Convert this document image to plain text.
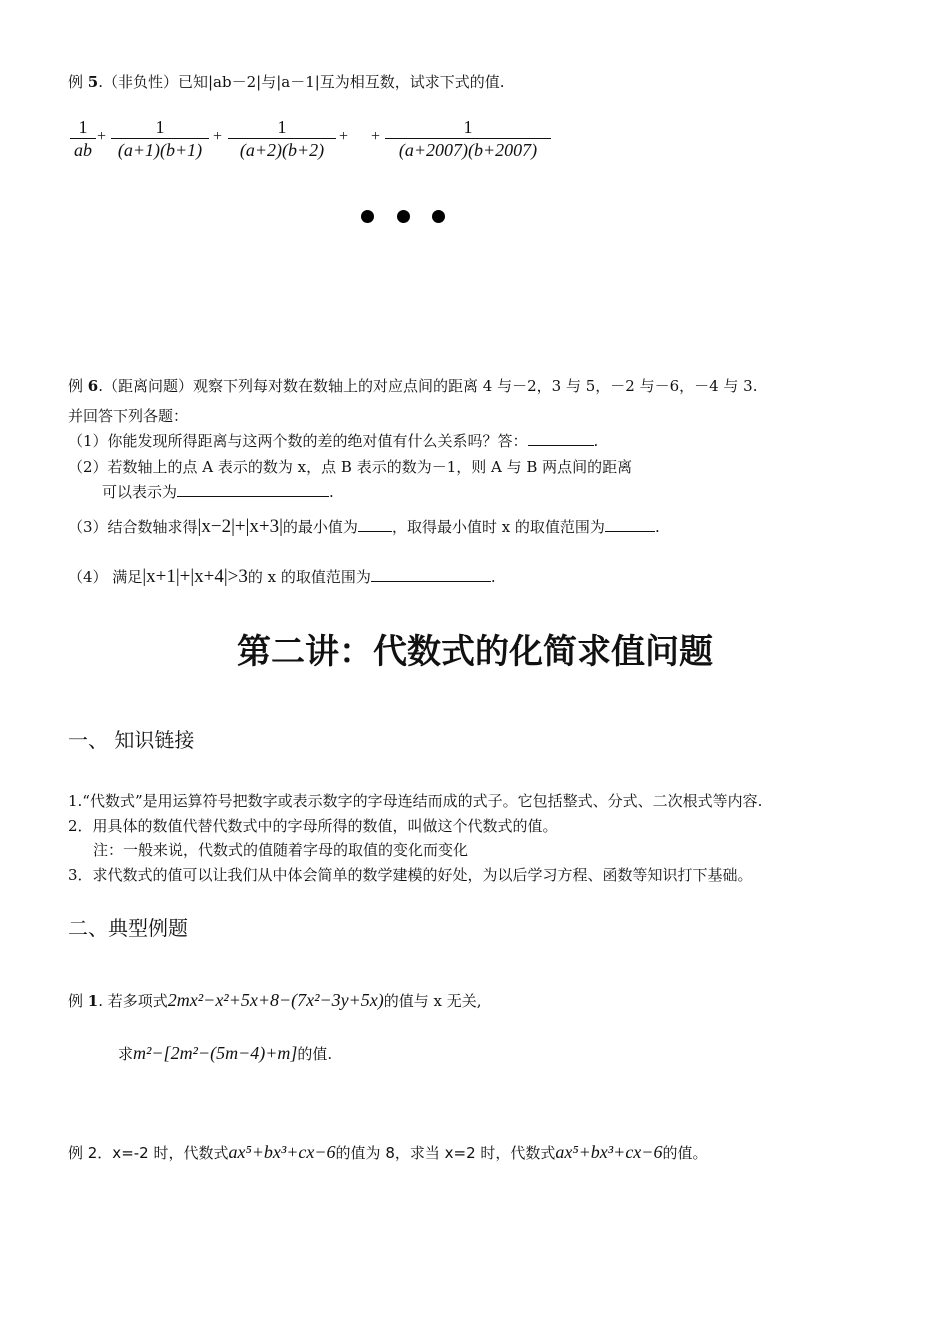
例 5.（非负性）已知|ab－2|与|a－1|互为相互数，试求下式的值.
1
ab
+	1
(a+1)(b+1)
+	1
(a+2)(b+2)
+ +	1
(a+2007)(b+2007)
例 6.（距离问题）观察下列每对数在数轴上的对应点间的距离 4 与－2，3 与 5，－2 与－6，－4 与 3.
并回答下列各题：
（1）你能发现所得距离与这两个数的差的绝对值有什么关系吗？答：	.
（2）若数轴上的点 A 表示的数为 x，点 B 表示的数为－1，则 A 与 B 两点间的距离
可以表示为	.
（3）结合数轴求得|x−2|+|x+3|的最小值为 ，取得最小值时 x 的取值范围为	.
（4） 满足|x+1|+|x+4|>3的 x 的取值范围为	.
第二讲：代数式的化简求值问题
一、 知识链接
1.“代数式”是用运算符号把数字或表示数字的字母连结而成的式子。它包括整式、分式、二次根式等内容.
2．用具体的数值代替代数式中的字母所得的数值，叫做这个代数式的值。
注：一般来说，代数式的值随着字母的取值的变化而变化
3．求代数式的值可以让我们从中体会简单的数学建模的好处，为以后学习方程、函数等知识打下基础。
二、典型例题
例 1. 若多项式2mx²−x²+5x+8−(7x²−3y+5x)的值与 x 无关,
求m²−[2m²−(5m−4)+m]的值.
例 2．x=-2 时，代数式ax⁵+bx³+cx−6的值为 8，求当 x=2 时，代数式ax⁵+bx³+cx−6的值。
